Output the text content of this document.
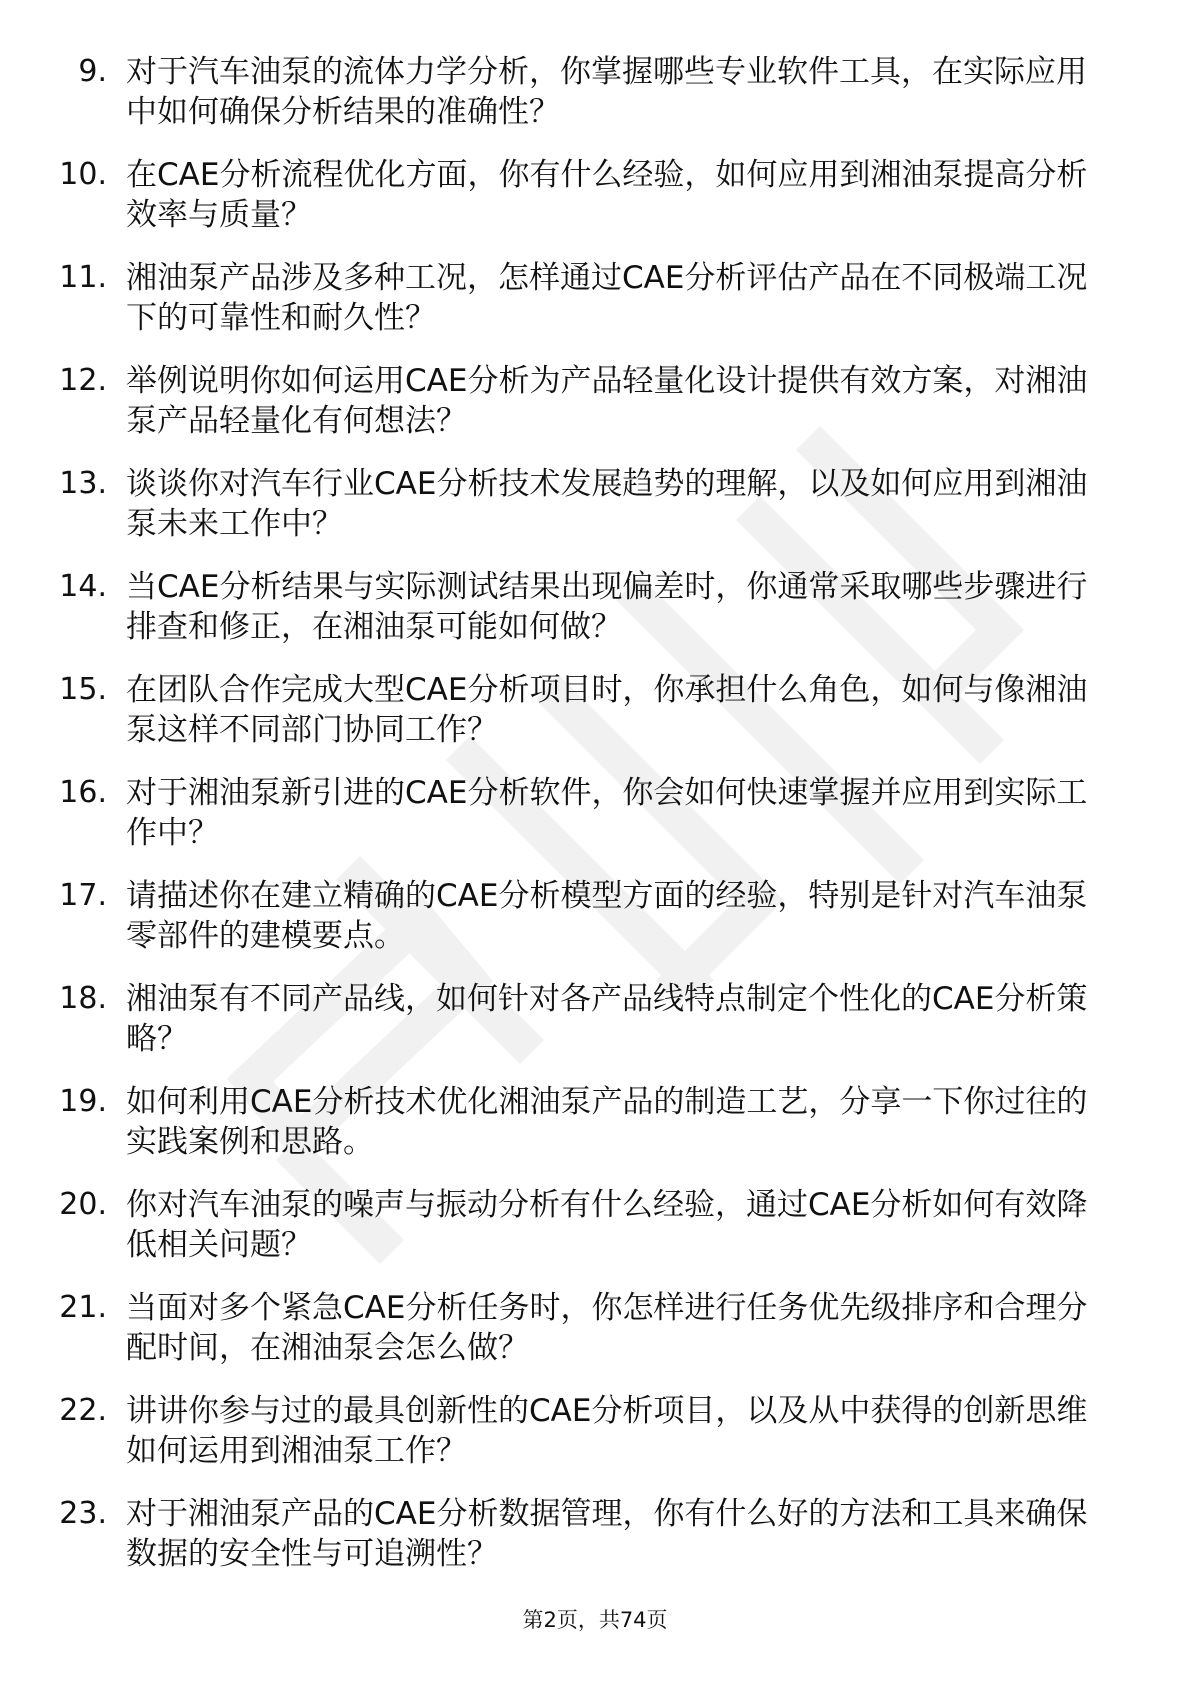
9. 对于汽车油泵的流体力学分析，你掌握哪些专业软件工具，在实际应用中如何确保分析结果的准确性？

10. 在CAE分析流程优化方面，你有什么经验，如何应用到湘油泵提高分析效率与质量？

11. 湘油泵产品涉及多种工况，怎样通过CAE分析评估产品在不同极端工况下的可靠性和耐久性？

12. 举例说明你如何运用CAE分析为产品轻量化设计提供有效方案，对湘油泵产品轻量化有何想法？

13. 谈谈你对汽车行业CAE分析技术发展趋势的理解，以及如何应用到湘油泵未来工作中？

14. 当CAE分析结果与实际测试结果出现偏差时，你通常采取哪些步骤进行排查和修正，在湘油泵可能如何做？

15. 在团队合作完成大型CAE分析项目时，你承担什么角色，如何与像湘油泵这样不同部门协同工作？

16. 对于湘油泵新引进的CAE分析软件，你会如何快速掌握并应用到实际工作中？

17. 请描述你在建立精确的CAE分析模型方面的经验，特别是针对汽车油泵零部件的建模要点。

18. 湘油泵有不同产品线，如何针对各产品线特点制定个性化的CAE分析策略？

19. 如何利用CAE分析技术优化湘油泵产品的制造工艺，分享一下你过往的实践案例和思路。

20. 你对汽车油泵的噪声与振动分析有什么经验，通过CAE分析如何有效降低相关问题？

21. 当面对多个紧急CAE分析任务时，你怎样进行任务优先级排序和合理分配时间，在湘油泵会怎么做？

22. 讲讲你参与过的最具创新性的CAE分析项目，以及从中获得的创新思维如何运用到湘油泵工作？

23. 对于湘油泵产品的CAE分析数据管理，你有什么好的方法和工具来确保数据的安全性与可追溯性？

第2页，共74页
